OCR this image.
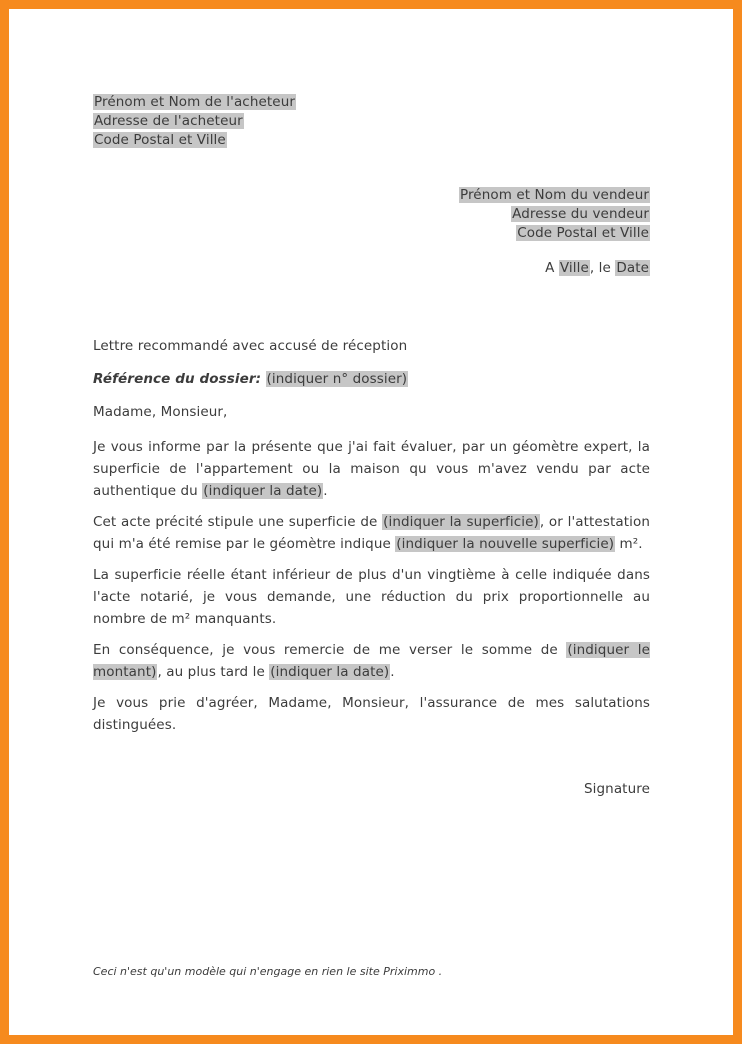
Prénom et Nom de l'acheteur
Adresse de l'acheteur
Code Postal et Ville
Prénom et Nom du vendeur
Adresse du vendeur
Code Postal et Ville
A Ville, le Date

Lettre recommandé avec accusé de réception

Référence du dossier: (indiquer n° dossier)

Madame, Monsieur,

Je vous informe par la présente que j'ai fait évaluer, par un géomètre expert, la superficie de l'appartement ou la maison qu vous m'avez vendu par acte authentique du (indiquer la date).

Cet acte précité stipule une superficie de (indiquer la superficie), or l'attestation qui m'a été remise par le géomètre indique (indiquer la nouvelle superficie) m².

La superficie réelle étant inférieur de plus d'un vingtième à celle indiquée dans l'acte notarié, je vous demande, une réduction du prix proportionnelle au nombre de m² manquants.

En conséquence, je vous remercie de me verser le somme de (indiquer le montant), au plus tard le (indiquer la date).

Je vous prie d'agréer, Madame, Monsieur, l'assurance de mes salutations distinguées.

Signature
Ceci n'est qu'un modèle qui n'engage en rien le site Priximmo .
